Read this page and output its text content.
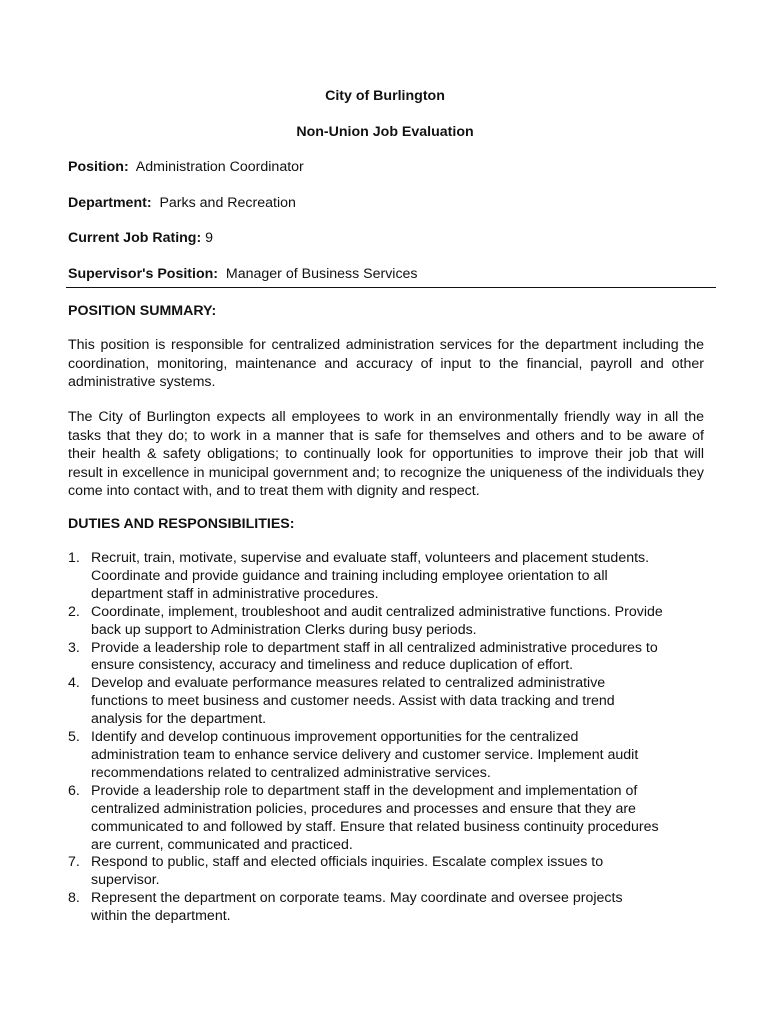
City of Burlington
Non-Union Job Evaluation
Position: Administration Coordinator
Department: Parks and Recreation
Current Job Rating: 9
Supervisor's Position: Manager of Business Services
POSITION SUMMARY:

This position is responsible for centralized administration services for the department including the coordination, monitoring, maintenance and accuracy of input to the financial, payroll and other administrative systems.

The City of Burlington expects all employees to work in an environmentally friendly way in all the tasks that they do; to work in a manner that is safe for themselves and others and to be aware of their health & safety obligations; to continually look for opportunities to improve their job that will result in excellence in municipal government and; to recognize the uniqueness of the individuals they come into contact with, and to treat them with dignity and respect.

DUTIES AND RESPONSIBILITIES:
1. Recruit, train, motivate, supervise and evaluate staff, volunteers and placement students.
Coordinate and provide guidance and training including employee orientation to all
department staff in administrative procedures.
2. Coordinate, implement, troubleshoot and audit centralized administrative functions. Provide
back up support to Administration Clerks during busy periods.
3. Provide a leadership role to department staff in all centralized administrative procedures to
ensure consistency, accuracy and timeliness and reduce duplication of effort.
4. Develop and evaluate performance measures related to centralized administrative
functions to meet business and customer needs. Assist with data tracking and trend
analysis for the department.
5. Identify and develop continuous improvement opportunities for the centralized
administration team to enhance service delivery and customer service. Implement audit
recommendations related to centralized administrative services.
6. Provide a leadership role to department staff in the development and implementation of
centralized administration policies, procedures and processes and ensure that they are
communicated to and followed by staff. Ensure that related business continuity procedures
are current, communicated and practiced.
7. Respond to public, staff and elected officials inquiries. Escalate complex issues to
supervisor.
8. Represent the department on corporate teams. May coordinate and oversee projects
within the department.
